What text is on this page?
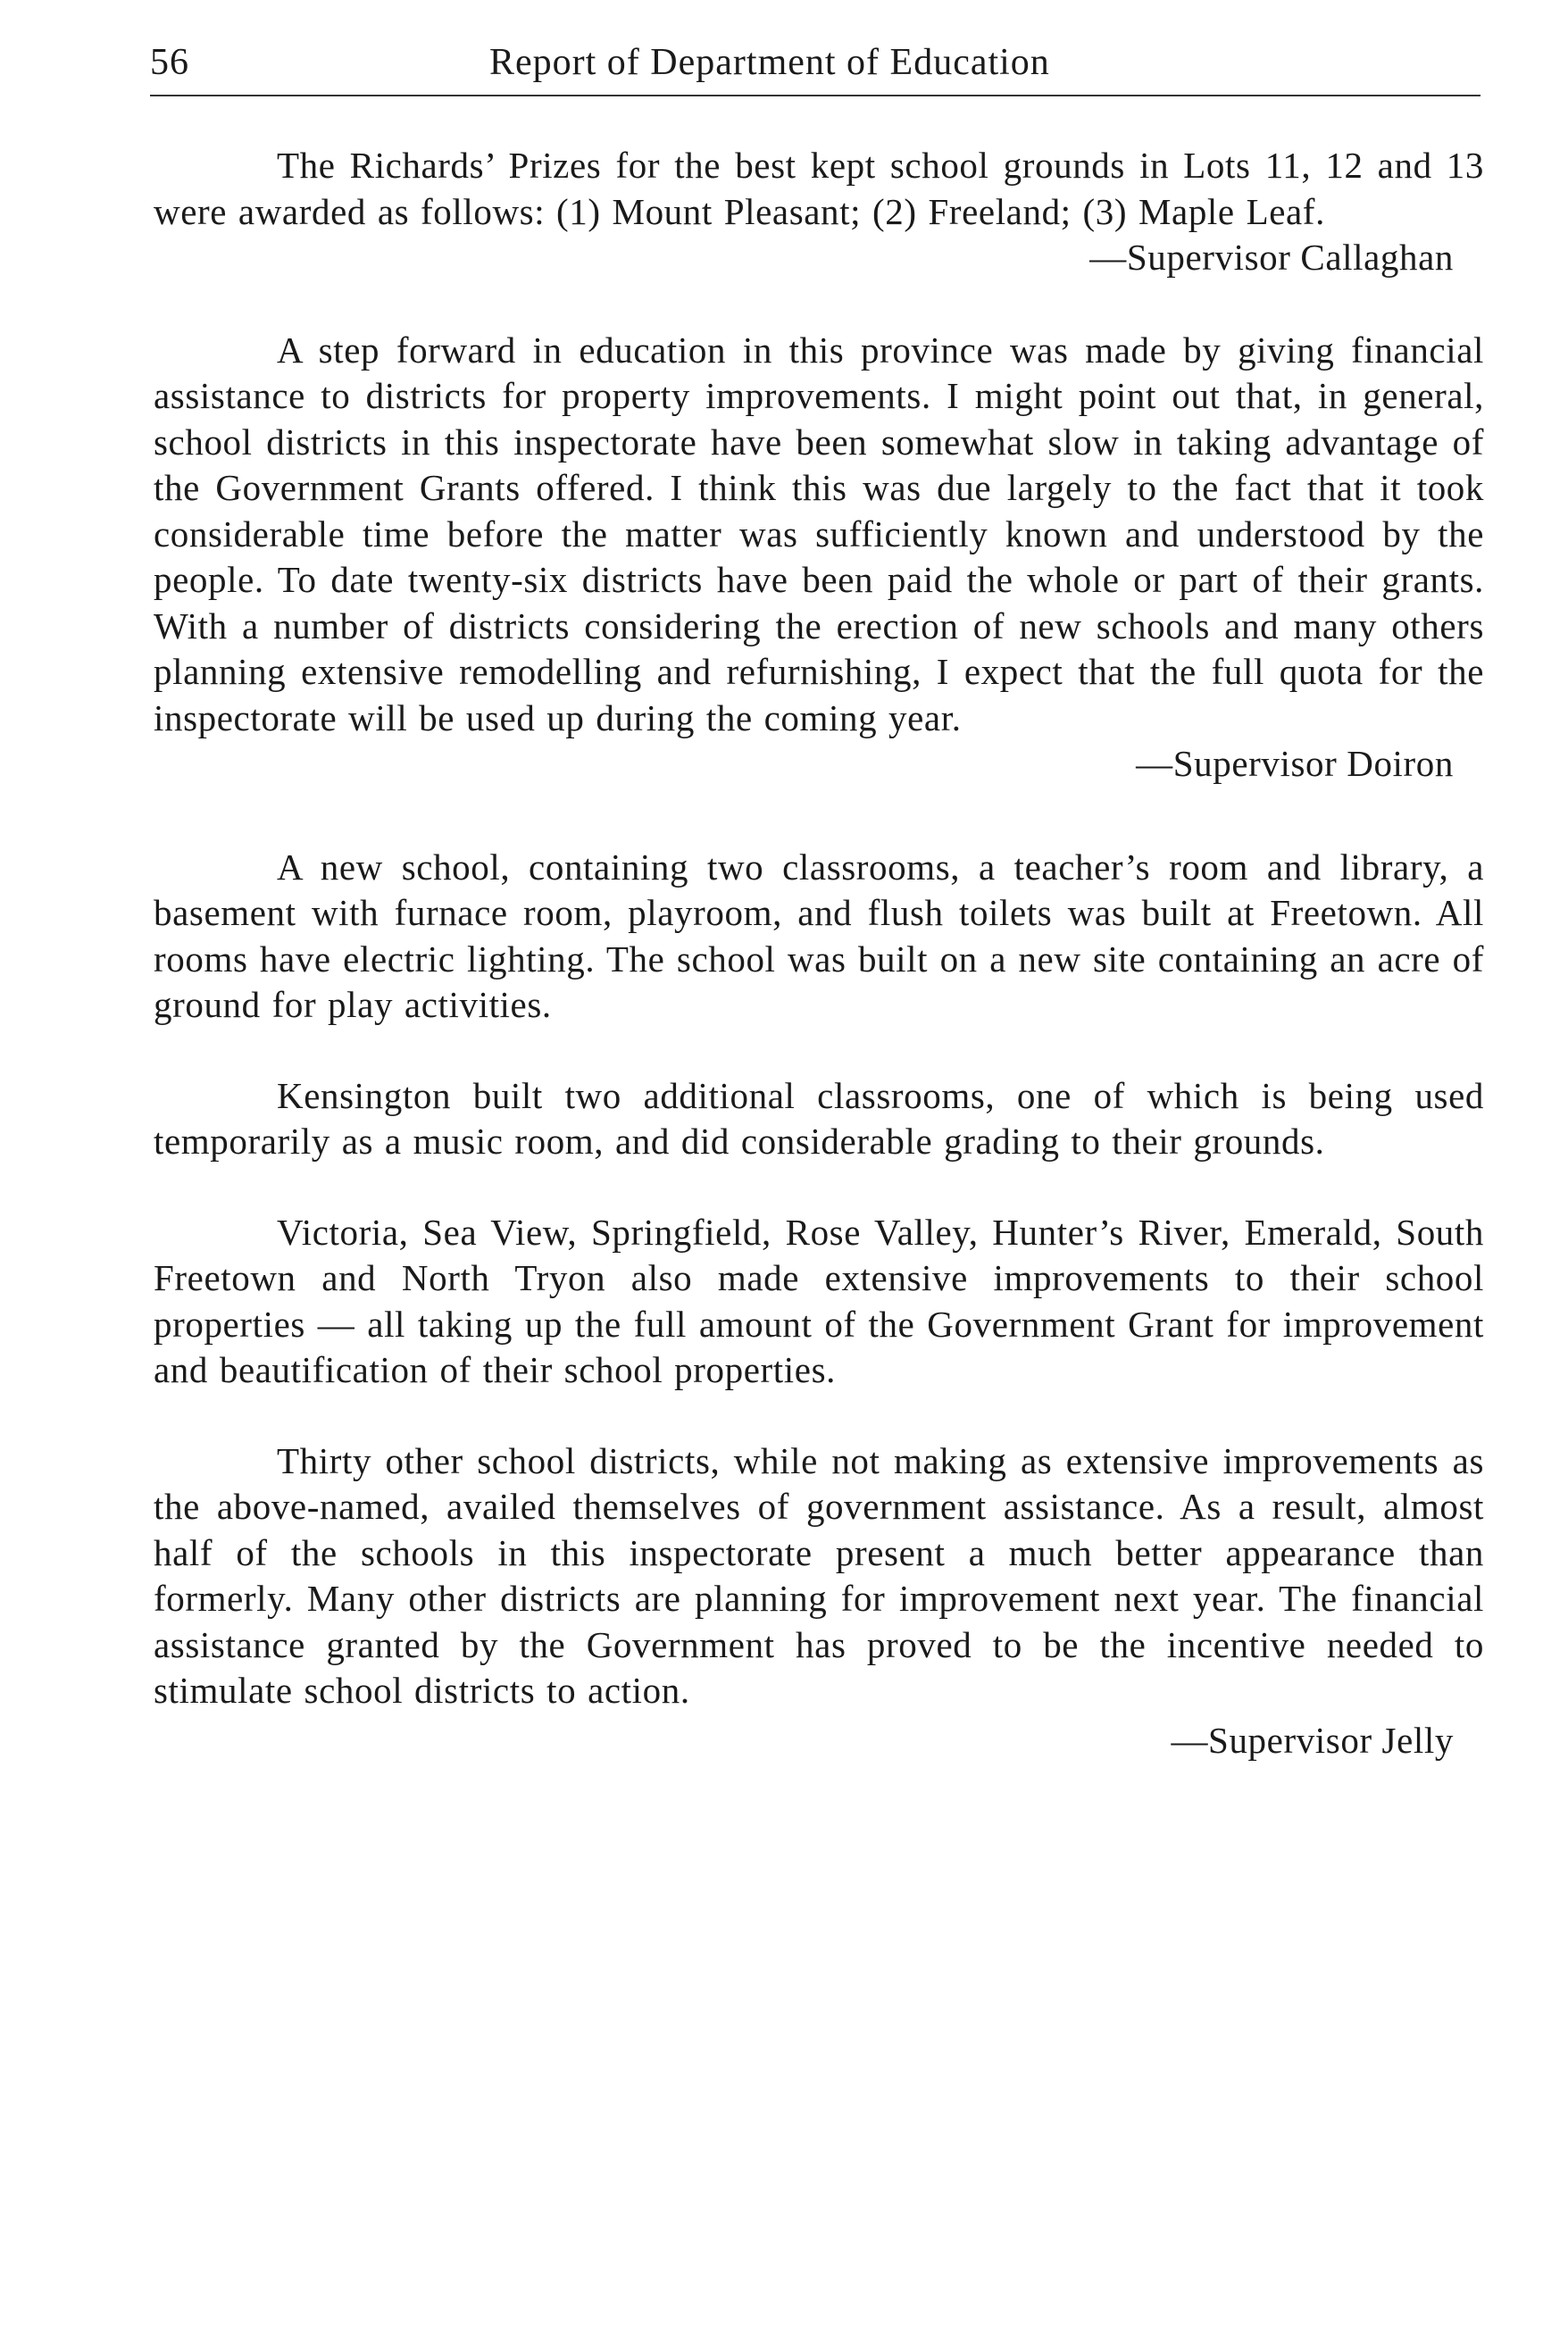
56	Report of Department of Education

The Richards’ Prizes for the best kept school grounds in Lots 11, 12 and 13 were awarded as follows: (1) Mount Pleasant; (2) Freeland; (3) Maple Leaf.

—Supervisor Callaghan

A step forward in education in this province was made by giving financial assistance to districts for property improvements. I might point out that, in general, school districts in this inspectorate have been somewhat slow in taking advantage of the Government Grants offered. I think this was due largely to the fact that it took considerable time before the matter was sufficiently known and understood by the people. To date twenty-six districts have been paid the whole or part of their grants. With a number of districts considering the erection of new schools and many others planning extensive remodelling and refurnishing, I expect that the full quota for the inspectorate will be used up during the coming year.

—Supervisor Doiron

A new school, containing two classrooms, a teacher’s room and library, a basement with furnace room, playroom, and flush toilets was built at Freetown. All rooms have electric lighting. The school was built on a new site containing an acre of ground for play activities.

Kensington built two additional classrooms, one of which is being used temporarily as a music room, and did considerable grading to their grounds.

Victoria, Sea View, Springfield, Rose Valley, Hunter’s River, Emerald, South Freetown and North Tryon also made extensive improvements to their school properties — all taking up the full amount of the Government Grant for improvement and beautification of their school properties.

Thirty other school districts, while not making as extensive improvements as the above-named, availed themselves of government assistance. As a result, almost half of the schools in this inspectorate present a much better appearance than formerly. Many other districts are planning for improvement next year. The financial assistance granted by the Government has proved to be the incentive needed to stimulate school districts to action.

—Supervisor Jelly
